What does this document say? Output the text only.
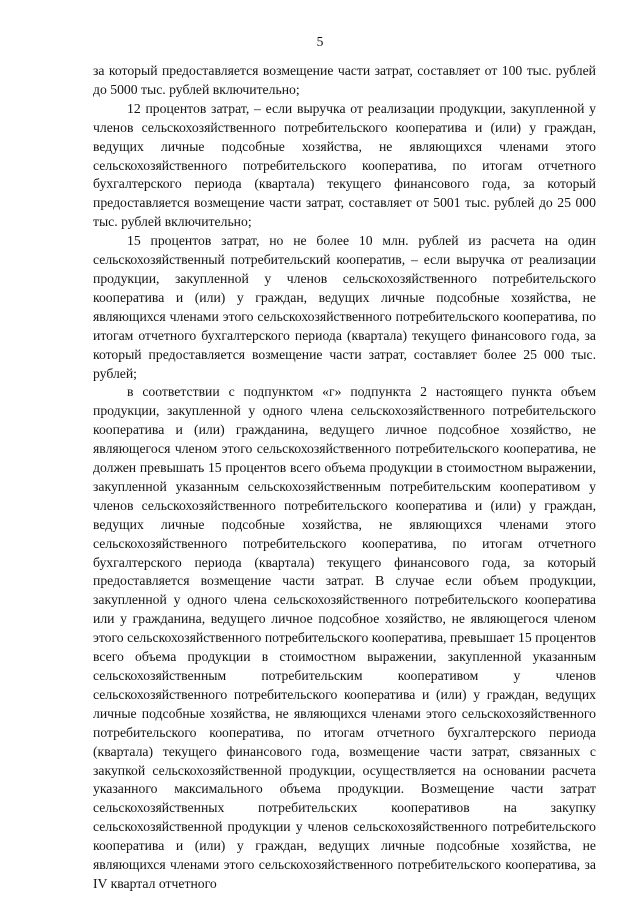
5

за который предоставляется возмещение части затрат, составляет от 100 тыс. рублей до 5000 тыс. рублей включительно;

12 процентов затрат, – если выручка от реализации продукции, закупленной у членов сельскохозяйственного потребительского кооператива и (или) у граждан, ведущих личные подсобные хозяйства, не являющихся членами этого сельскохозяйственного потребительского кооператива, по итогам отчетного бухгалтерского периода (квартала) текущего финансового года, за который предоставляется возмещение части затрат, составляет от 5001 тыс. рублей до 25 000 тыс. рублей включительно;

15 процентов затрат, но не более 10 млн. рублей из расчета на один сельскохозяйственный потребительский кооператив, – если выручка от реализации продукции, закупленной у членов сельскохозяйственного потребительского кооператива и (или) у граждан, ведущих личные подсобные хозяйства, не являющихся членами этого сельскохозяйственного потребительского кооператива, по итогам отчетного бухгалтерского периода (квартала) текущего финансового года, за который предоставляется возмещение части затрат, составляет более 25 000 тыс. рублей;

в соответствии с подпунктом «г» подпункта 2 настоящего пункта объем продукции, закупленной у одного члена сельскохозяйственного потребительского кооператива и (или) гражданина, ведущего личное подсобное хозяйство, не являющегося членом этого сельскохозяйственного потребительского кооператива, не должен превышать 15 процентов всего объема продукции в стоимостном выражении, закупленной указанным сельскохозяйственным потребительским кооперативом у членов сельскохозяйственного потребительского кооператива и (или) у граждан, ведущих личные подсобные хозяйства, не являющихся членами этого сельскохозяйственного потребительского кооператива, по итогам отчетного бухгалтерского периода (квартала) текущего финансового года, за который предоставляется возмещение части затрат. В случае если объем продукции, закупленной у одного члена сельскохозяйственного потребительского кооператива или у гражданина, ведущего личное подсобное хозяйство, не являющегося членом этого сельскохозяйственного потребительского кооператива, превышает 15 процентов всего объема продукции в стоимостном выражении, закупленной указанным сельскохозяйственным потребительским кооперативом у членов сельскохозяйственного потребительского кооператива и (или) у граждан, ведущих личные подсобные хозяйства, не являющихся членами этого сельскохозяйственного потребительского кооператива, по итогам отчетного бухгалтерского периода (квартала) текущего финансового года, возмещение части затрат, связанных с закупкой сельскохозяйственной продукции, осуществляется на основании расчета указанного максимального объема продукции. Возмещение части затрат сельскохозяйственных потребительских кооперативов на закупку сельскохозяйственной продукции у членов сельскохозяйственного потребительского кооператива и (или) у граждан, ведущих личные подсобные хозяйства, не являющихся членами этого сельскохозяйственного потребительского кооператива, за IV квартал отчетного
